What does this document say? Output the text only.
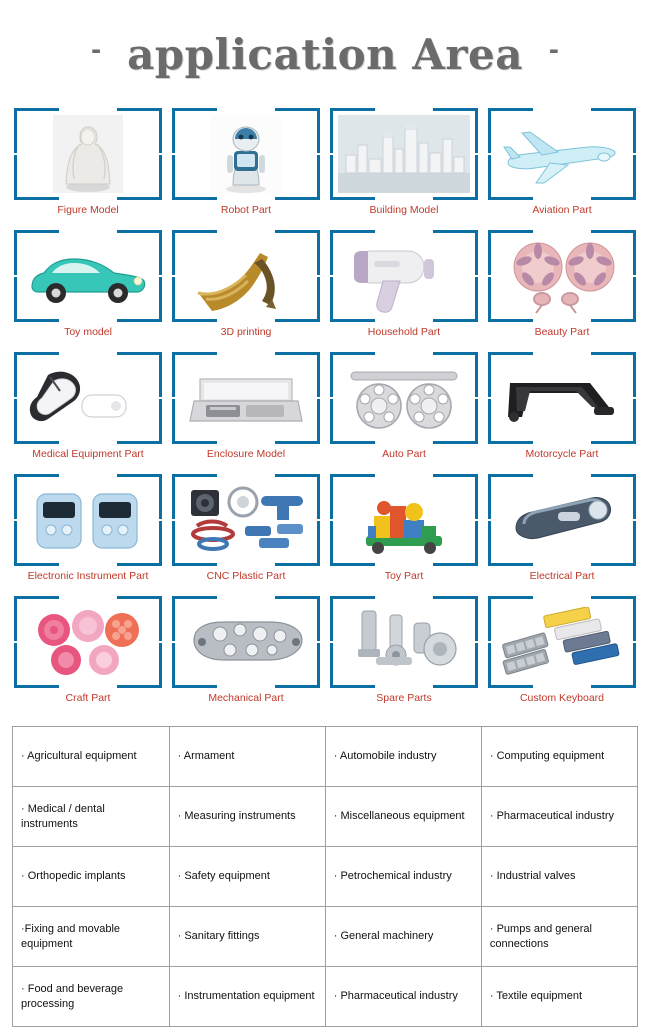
- application Area -
Figure Model	Robot Part	Building Model	Aviation Part
Toy model	3D printing	Household Part	Beauty Part
Medical Equipment Part	Enclosure Model	Auto Part	Motorcycle Part
Electronic Instrument Part	CNC Plastic Part	Toy Part	Electrical Part
Craft Part	Mechanical Part	Spare Parts	Custom Keyboard
· Agricultural equipment	· Armament	· Automobile industry	· Computing equipment
· Medical / dental instruments	· Measuring instruments	· Miscellaneous equipment	· Pharmaceutical industry
· Orthopedic implants	· Safety equipment	· Petrochemical industry	· Industrial valves
·Fixing and movable equipment	· Sanitary fittings	· General machinery	· Pumps and general connections
· Food and beverage processing	· Instrumentation equipment	· Pharmaceutical industry	· Textile equipment
